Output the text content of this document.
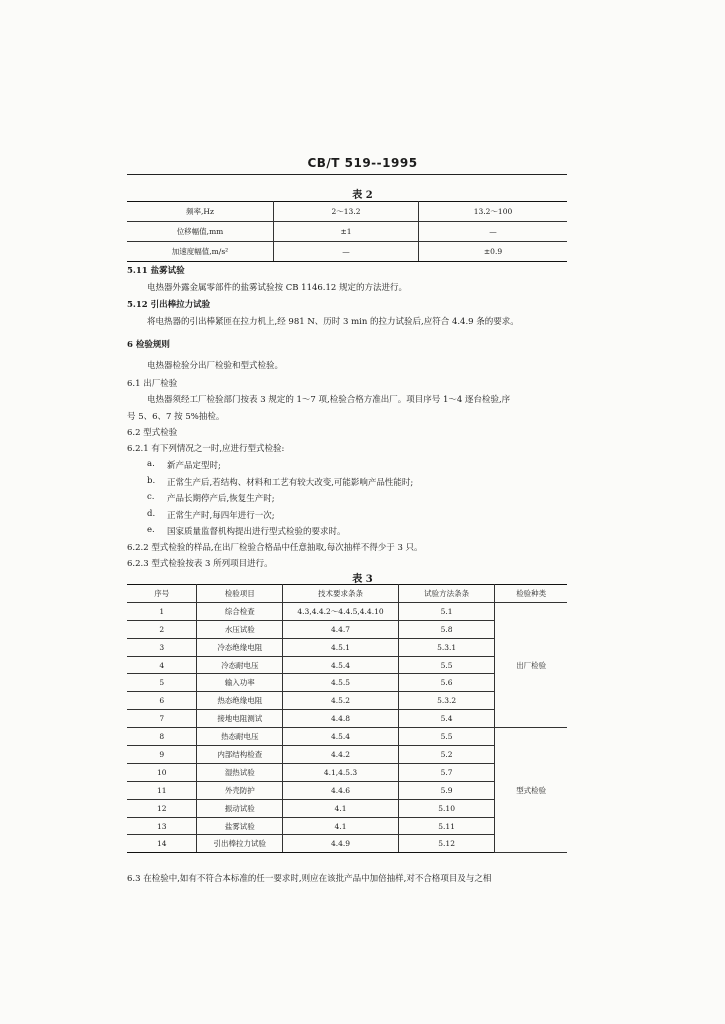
CB/T 519--1995
表 2
频率,Hz	2～13.2	13.2～100
位移幅值,mm	±1	—
加速度幅值,m/s²	—	±0.9
5.11 盐雾试验
电热器外露金属零部件的盐雾试验按 CB 1146.12 规定的方法进行。
5.12 引出棒拉力试验
将电热器的引出棒紧匝在拉力机上,经 981 N、历时 3 min 的拉力试验后,应符合 4.4.9 条的要求。
6 检验规则
电热器检验分出厂检验和型式检验。
6.1 出厂检验
电热器须经工厂检验部门按表 3 规定的 1～7 项,检验合格方准出厂。项目序号 1～4 逐台检验,序
号 5、6、7 按 5%抽检。
6.2 型式检验
6.2.1 有下列情况之一时,应进行型式检验:
a. 新产品定型时;
b. 正常生产后,若结构、材料和工艺有较大改变,可能影响产品性能时;
c. 产品长期停产后,恢复生产时;
d. 正常生产时,每四年进行一次;
e. 国家质量监督机构提出进行型式检验的要求时。
6.2.2 型式检验的样品,在出厂检验合格品中任意抽取,每次抽样不得少于 3 只。
6.2.3 型式检验按表 3 所列项目进行。
表 3
序号	检验项目	技术要求条条	试验方法条条	检验种类
1	综合检查	4.3,4.4.2～4.4.5,4.4.10	5.1	出厂检验
2	水压试验	4.4.7	5.8	
3	冷态绝缘电阻	4.5.1	5.3.1	
4	冷态耐电压	4.5.4	5.5	
5	输入功率	4.5.5	5.6	
6	热态绝缘电阻	4.5.2	5.3.2	
7	接地电阻测试	4.4.8	5.4	
8	热态耐电压	4.5.4	5.5	型式检验
9	内部结构检查	4.4.2	5.2	
10	湿热试验	4.1,4.5.3	5.7	
11	外壳防护	4.4.6	5.9	
12	振动试验	4.1	5.10	
13	盐雾试验	4.1	5.11	
14	引出棒拉力试验	4.4.9	5.12	
6.3 在检验中,如有不符合本标准的任一要求时,则应在该批产品中加倍抽样,对不合格项目及与之相
